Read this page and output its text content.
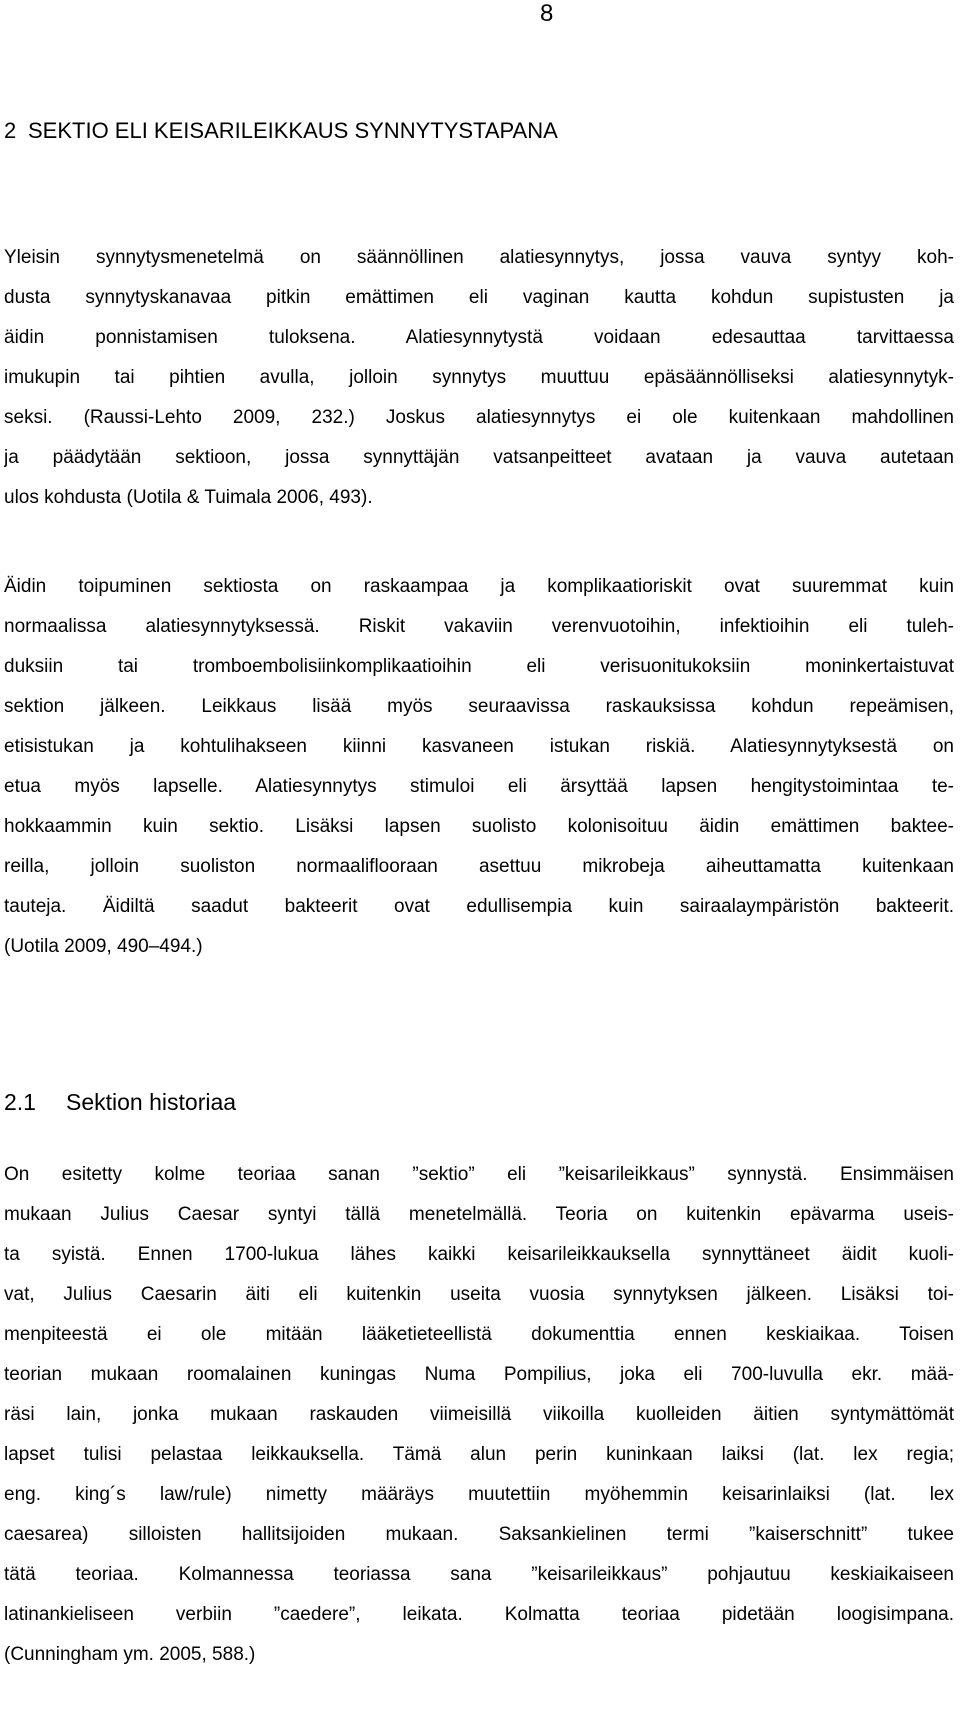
8
2 SEKTIO ELI KEISARILEIKKAUS SYNNYTYSTAPANA
Yleisin synnytysmenetelmä on säännöllinen alatiesynnytys, jossa vauva syntyy koh-
dusta synnytyskanavaa pitkin emättimen eli vaginan kautta kohdun supistusten ja
äidin ponnistamisen tuloksena. Alatiesynnytystä voidaan edesauttaa tarvittaessa
imukupin tai pihtien avulla, jolloin synnytys muuttuu epäsäännölliseksi alatiesynnytyk-
seksi. (Raussi-Lehto 2009, 232.) Joskus alatiesynnytys ei ole kuitenkaan mahdollinen
ja päädytään sektioon, jossa synnyttäjän vatsanpeitteet avataan ja vauva autetaan
ulos kohdusta (Uotila & Tuimala 2006, 493).
Äidin toipuminen sektiosta on raskaampaa ja komplikaatioriskit ovat suuremmat kuin
normaalissa alatiesynnytyksessä. Riskit vakaviin verenvuotoihin, infektioihin eli tuleh-
duksiin tai tromboembolisiinkomplikaatioihin eli verisuonitukoksiin moninkertaistuvat
sektion jälkeen. Leikkaus lisää myös seuraavissa raskauksissa kohdun repeämisen,
etisistukan ja kohtulihakseen kiinni kasvaneen istukan riskiä. Alatiesynnytyksestä on
etua myös lapselle. Alatiesynnytys stimuloi eli ärsyttää lapsen hengitystoimintaa te-
hokkaammin kuin sektio. Lisäksi lapsen suolisto kolonisoituu äidin emättimen baktee-
reilla, jolloin suoliston normaaliflooraan asettuu mikrobeja aiheuttamatta kuitenkaan
tauteja. Äidiltä saadut bakteerit ovat edullisempia kuin sairaalaympäristön bakteerit.
(Uotila 2009, 490–494.)
2.1 Sektion historiaa
On esitetty kolme teoriaa sanan ”sektio” eli ”keisarileikkaus” synnystä. Ensimmäisen
mukaan Julius Caesar syntyi tällä menetelmällä. Teoria on kuitenkin epävarma useis-
ta syistä. Ennen 1700-lukua lähes kaikki keisarileikkauksella synnyttäneet äidit kuoli-
vat, Julius Caesarin äiti eli kuitenkin useita vuosia synnytyksen jälkeen. Lisäksi toi-
menpiteestä ei ole mitään lääketieteellistä dokumenttia ennen keskiaikaa. Toisen
teorian mukaan roomalainen kuningas Numa Pompilius, joka eli 700-luvulla ekr. mää-
räsi lain, jonka mukaan raskauden viimeisillä viikoilla kuolleiden äitien syntymättömät
lapset tulisi pelastaa leikkauksella. Tämä alun perin kuninkaan laiksi (lat. lex regia;
eng. king´s law/rule) nimetty määräys muutettiin myöhemmin keisarinlaiksi (lat. lex
caesarea) silloisten hallitsijoiden mukaan. Saksankielinen termi ”kaiserschnitt” tukee
tätä teoriaa. Kolmannessa teoriassa sana ”keisarileikkaus” pohjautuu keskiaikaiseen
latinankieliseen verbiin ”caedere”, leikata. Kolmatta teoriaa pidetään loogisimpana.
(Cunningham ym. 2005, 588.)
